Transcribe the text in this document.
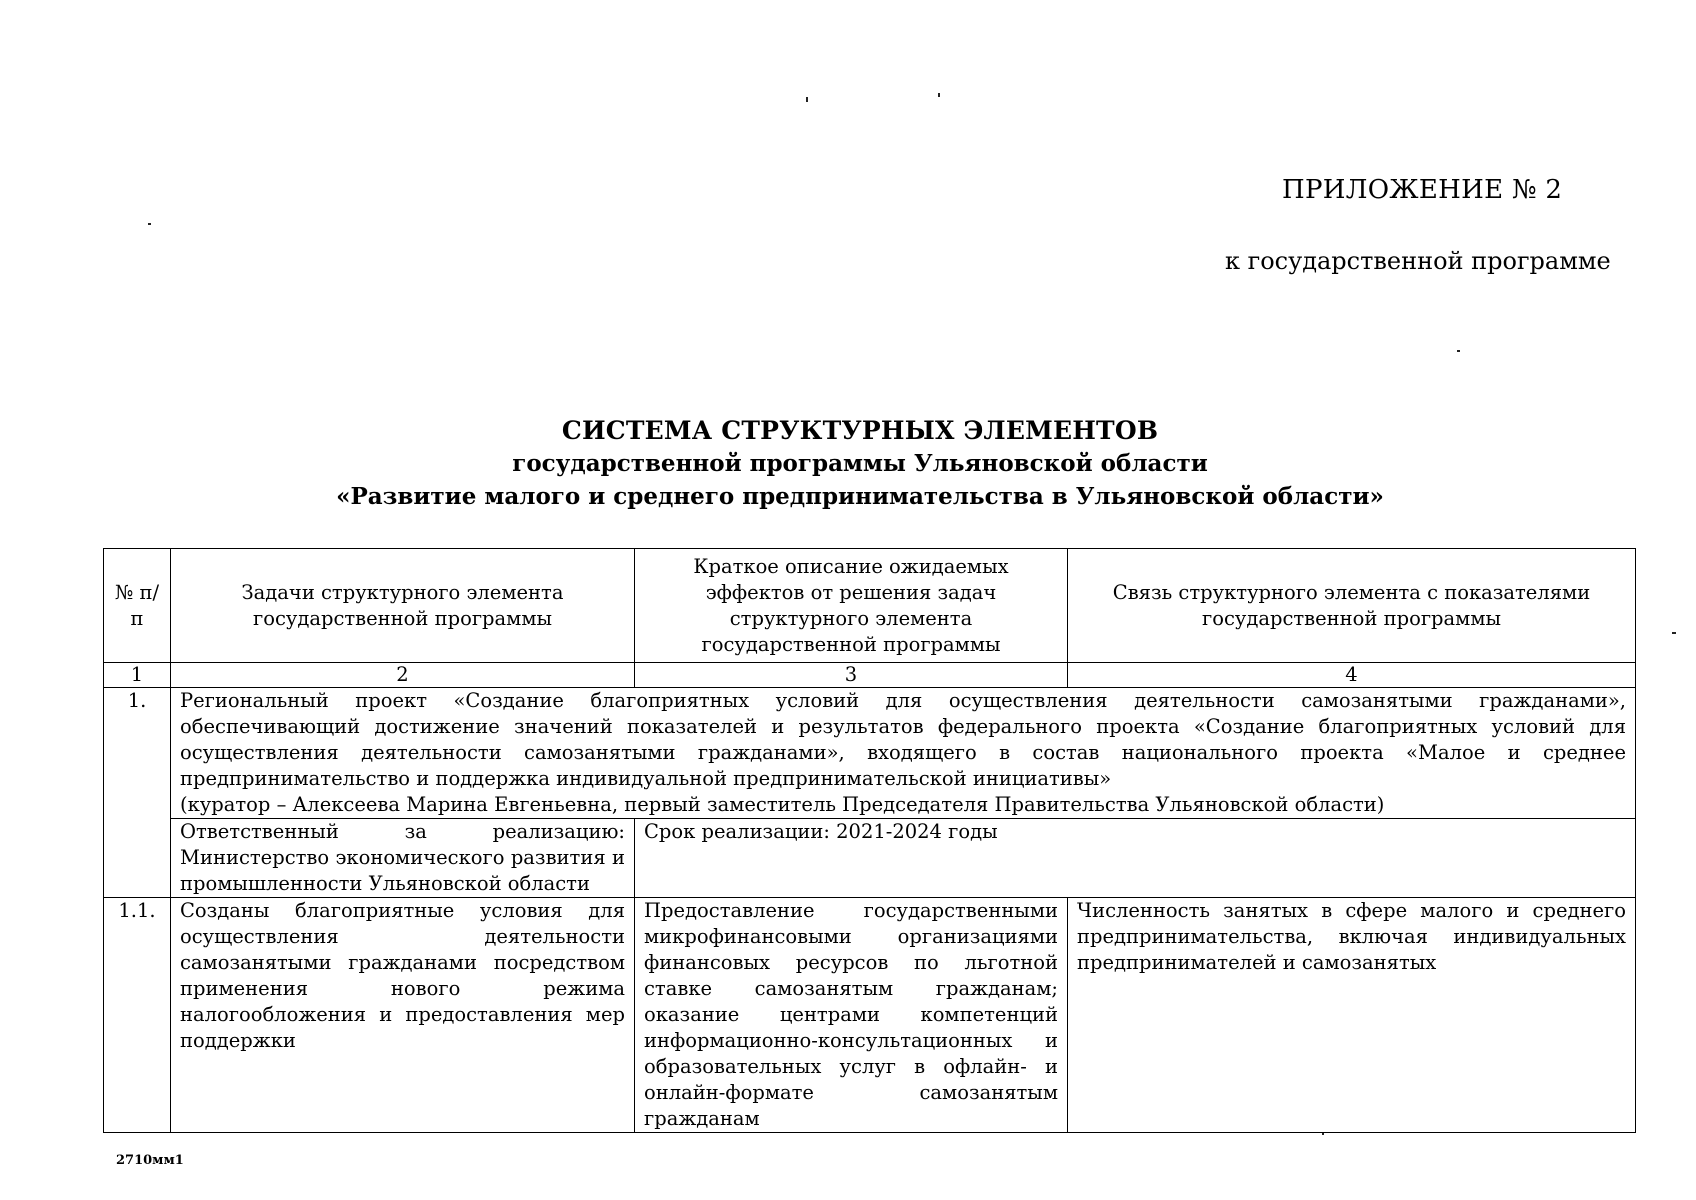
ПРИЛОЖЕНИЕ № 2
к государственной программе
СИСТЕМА СТРУКТУРНЫХ ЭЛЕМЕНТОВ
государственной программы Ульяновской области
«Развитие малого и среднего предпринимательства в Ульяновской области»
№ п/п	Задачи структурного элемента государственной программы	Краткое описание ожидаемых эффектов от решения задач структурного элемента государственной программы	Связь структурного элемента с показателями государственной программы
1	2	3	4
1.	Региональный проект «Создание благоприятных условий для осуществления деятельности самозанятыми гражданами», обеспечивающий достижение значений показателей и результатов федерального проекта «Создание благоприятных условий для осуществления деятельности самозанятыми гражданами», входящего в состав национального проекта «Малое и среднее предпринимательство и поддержка индивидуальной предпринимательской инициативы»
(куратор – Алексеева Марина Евгеньевна, первый заместитель Председателя Правительства Ульяновской области)		

	Ответственный за реализацию: Министерство экономического развития и промышленности Ульяновской области	Срок реализации: 2021-2024 годы	
1.1.	Созданы благоприятные условия для осуществления деятельности самозанятыми гражданами посредством применения нового режима налогообложения и предоставления мер поддержки	Предоставление государственными микрофинансовыми организациями финансовых ресурсов по льготной ставке самозанятым гражданам; оказание центрами компетенций информационно-консультационных и образовательных услуг в офлайн- и онлайн-формате самозанятым гражданам	Численность занятых в сфере малого и среднего предпринимательства, включая индивидуальных предпринимателей и самозанятых
2710мм1
